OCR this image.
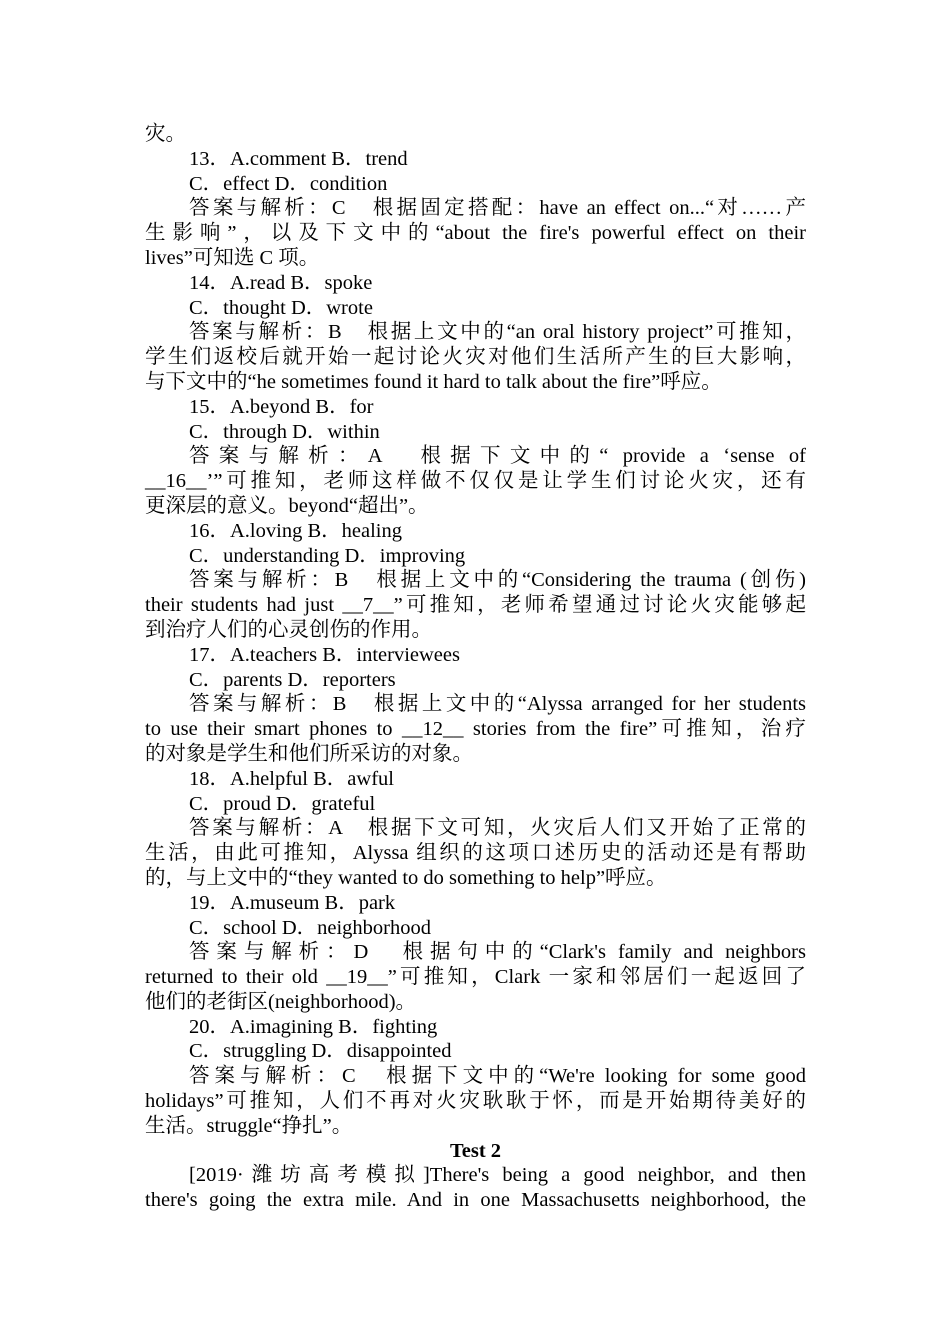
灾。
13．A.comment B．trend
C．effect D．condition
答案与解析：C　根据固定搭配：have an effect on...“对……产
生影响”，以及下文中的“about the fire's powerful effect on their
lives”可知选 C 项。
14．A.read B．spoke
C．thought D．wrote
答案与解析：B　根据上文中的“an oral history project”可推知，
学生们返校后就开始一起讨论火灾对他们生活所产生的巨大影响，
与下文中的“he sometimes found it hard to talk about the fire”呼应。
15．A.beyond B．for
C．through D．within
答案与解析：A　根据下文中的“ provide a ‘sense of
__16__’”可推知，老师这样做不仅仅是让学生们讨论火灾，还有
更深层的意义。beyond“超出”。
16．A.loving B．healing
C．understanding D．improving
答案与解析：B　根据上文中的“Considering the trauma (创伤)
their students had just __7__”可推知，老师希望通过讨论火灾能够起
到治疗人们的心灵创伤的作用。
17．A.teachers B．interviewees
C．parents D．reporters
答案与解析：B　根据上文中的“Alyssa arranged for her students
to use their smart phones to __12__ stories from the fire”可推知，治疗
的对象是学生和他们所采访的对象。
18．A.helpful B．awful
C．proud D．grateful
答案与解析：A　根据下文可知，火灾后人们又开始了正常的
生活，由此可推知，Alyssa 组织的这项口述历史的活动还是有帮助
的，与上文中的“they wanted to do something to help”呼应。
19．A.museum B．park
C．school D．neighborhood
答案与解析：D　根据句中的“Clark's family and neighbors
returned to their old __19__”可推知，Clark 一家和邻居们一起返回了
他们的老街区(neighborhood)。
20．A.imagining B．fighting
C．struggling D．disappointed
答案与解析：C　根据下文中的“We're looking for some good
holidays”可推知，人们不再对火灾耿耿于怀，而是开始期待美好的
生活。struggle“挣扎”。
Test 2
[2019·潍坊高考模拟]There's being a good neighbor, and then
there's going the extra mile. And in one Massachusetts neighborhood, the
